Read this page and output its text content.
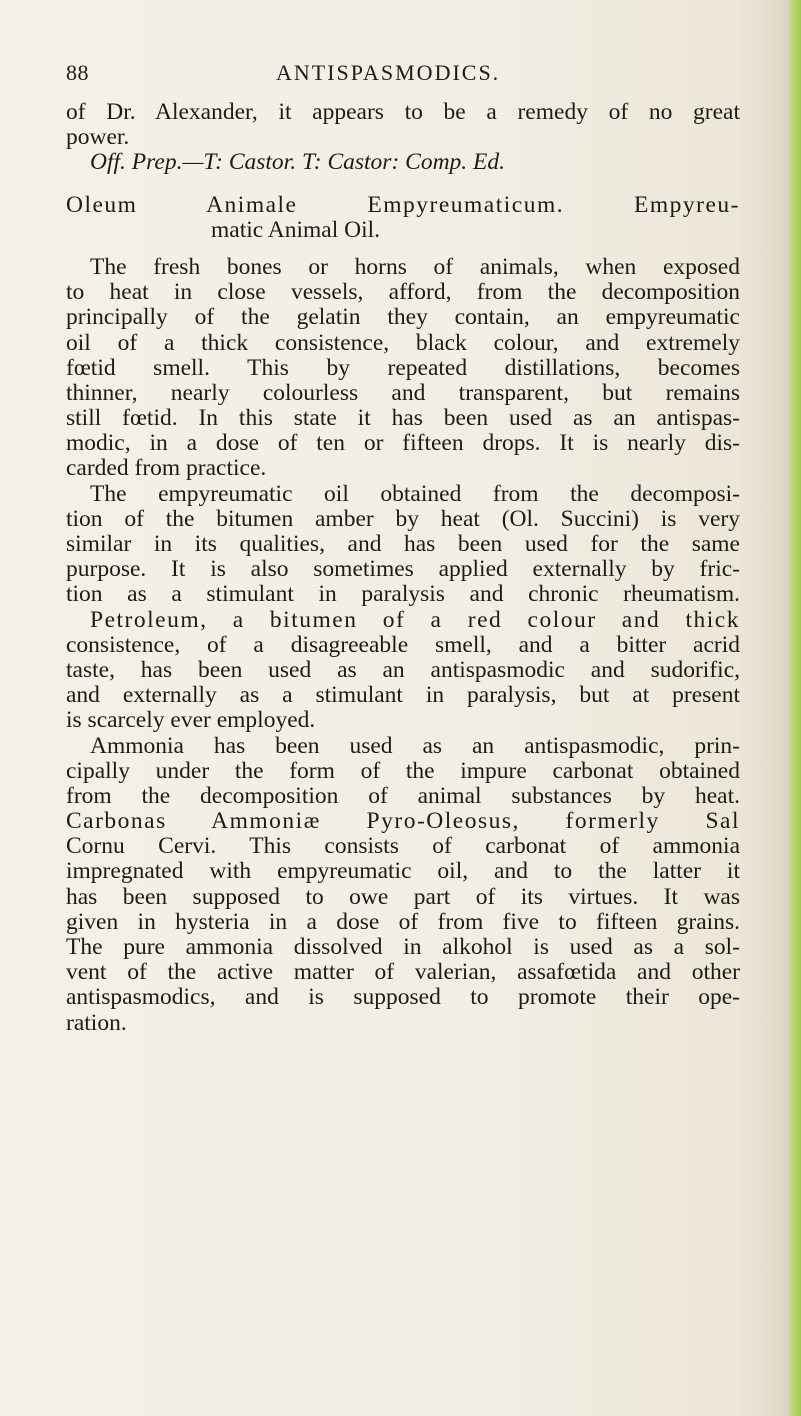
88	ANTISPASMODICS.
of Dr. Alexander, it appears to be a remedy of no great
power.
Off. Prep.—T: Castor. T: Castor: Comp. Ed.
Oleum Animale Empyreumaticum. Empyreu-
matic Animal Oil.
The fresh bones or horns of animals, when exposed
to heat in close vessels, afford, from the decomposition
principally of the gelatin they contain, an empyreumatic
oil of a thick consistence, black colour, and extremely
fœtid smell. This by repeated distillations, becomes
thinner, nearly colourless and transparent, but remains
still fœtid. In this state it has been used as an antispas-
modic, in a dose of ten or fifteen drops. It is nearly dis-
carded from practice.
The empyreumatic oil obtained from the decomposi-
tion of the bitumen amber by heat (Ol. Succini) is very
similar in its qualities, and has been used for the same
purpose. It is also sometimes applied externally by fric-
tion as a stimulant in paralysis and chronic rheumatism.
Petroleum, a bitumen of a red colour and thick
consistence, of a disagreeable smell, and a bitter acrid
taste, has been used as an antispasmodic and sudorific,
and externally as a stimulant in paralysis, but at present
is scarcely ever employed.
Ammonia has been used as an antispasmodic, prin-
cipally under the form of the impure carbonat obtained
from the decomposition of animal substances by heat.
Carbonas Ammoniæ Pyro-Oleosus, formerly Sal
Cornu Cervi. This consists of carbonat of ammonia
impregnated with empyreumatic oil, and to the latter it
has been supposed to owe part of its virtues. It was
given in hysteria in a dose of from five to fifteen grains.
The pure ammonia dissolved in alkohol is used as a sol-
vent of the active matter of valerian, assafœtida and other
antispasmodics, and is supposed to promote their ope-
ration.
